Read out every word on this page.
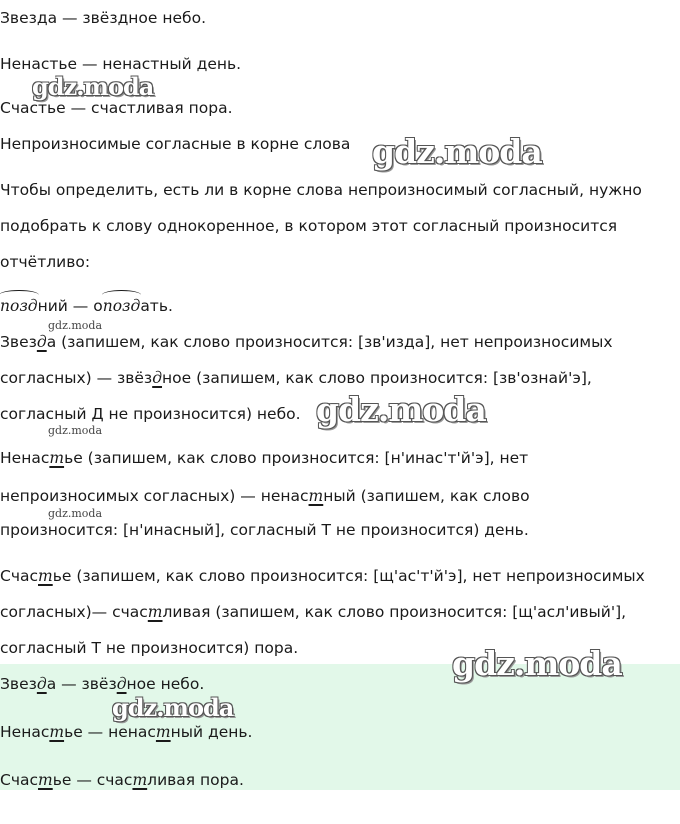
Звезда — звёздное небо.
Ненастье — ненастный день.
Счастье — счастливая пора.
Непроизносимые согласные в корне слова
Чтобы определить, есть ли в корне слова непроизносимый согласный, нужно
подобрать к слову однокоренное, в котором этот согласный произносится
отчётливо:
поздний — опоздать.
Звезда (запишем, как слово произносится: [зв'изда], нет непроизносимых
согласных) — звёздное (запишем, как слово произносится: [зв'ознай'э],
согласный Д не произносится) небо.
Ненастье (запишем, как слово произносится: [н'инас'т'й'э], нет
непроизносимых согласных) — ненастный (запишем, как слово
произносится: [н'инасный], согласный Т не произносится) день.
Счастье (запишем, как слово произносится: [щ'ас'т'й'э], нет непроизносимых
согласных)— счастливая (запишем, как слово произносится: [щ'асл'ивый'],
согласный Т не произносится) пора.
Звезда — звёздное небо.
Ненастье — ненастный день.
Счастье — счастливая пора.
gdz.moda
gdz.moda
gdz.moda
gdz.moda
gdz.moda
gdz.moda
gdz.moda
gdz.moda
